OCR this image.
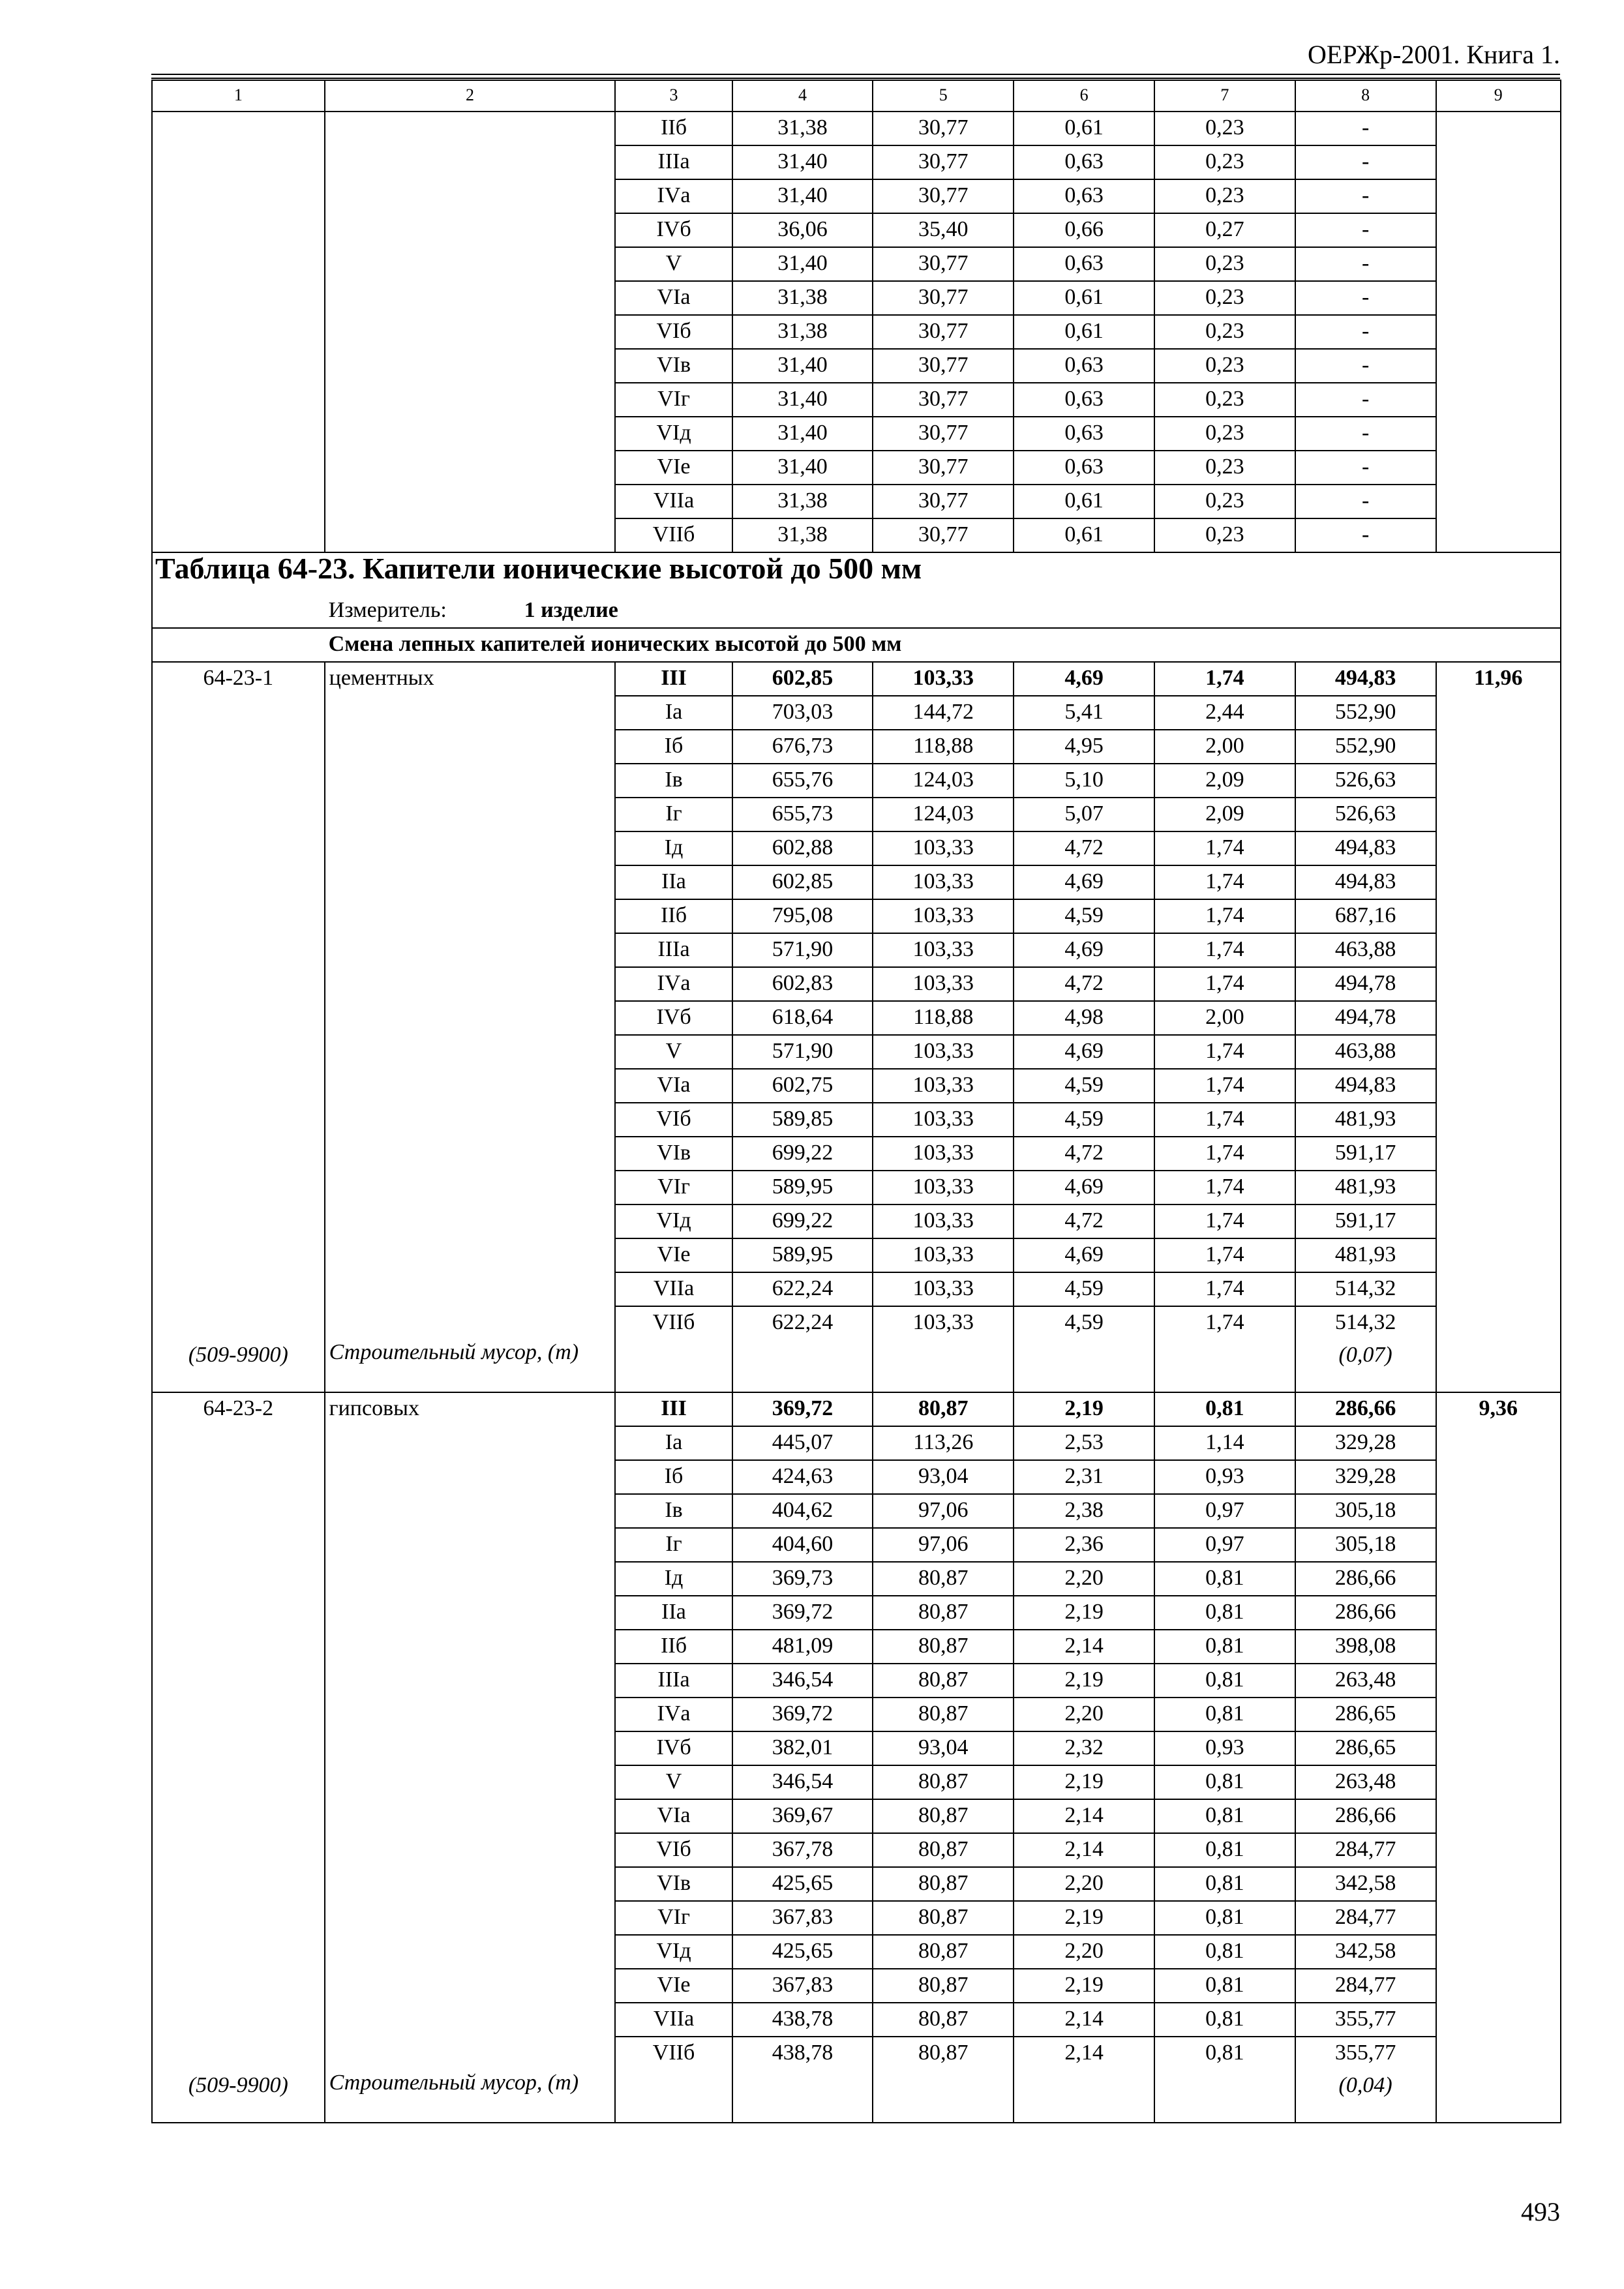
ОЕРЖр-2001. Книга 1.
1	2	3	4	5	6	7	8	9
		IIб	31,38	30,77	0,61	0,23	-	
		IIIа	31,40	30,77	0,63	0,23	-	
		IVа	31,40	30,77	0,63	0,23	-	
		IVб	36,06	35,40	0,66	0,27	-	
		V	31,40	30,77	0,63	0,23	-	
		VIа	31,38	30,77	0,61	0,23	-	
		VIб	31,38	30,77	0,61	0,23	-	
		VIв	31,40	30,77	0,63	0,23	-	
		VIг	31,40	30,77	0,63	0,23	-	
		VIд	31,40	30,77	0,63	0,23	-	
		VIе	31,40	30,77	0,63	0,23	-	
		VIIа	31,38	30,77	0,61	0,23	-	
		VIIб	31,38	30,77	0,61	0,23	-	
Таблица 64-23. Капители ионические высотой до 500 мм								
	Измеритель: 1 изделие							
	Смена лепных капителей ионических высотой до 500 мм							
64-23-1	цементных	III	602,85	103,33	4,69	1,74	494,83	11,96
		Iа	703,03	144,72	5,41	2,44	552,90	
		Iб	676,73	118,88	4,95	2,00	552,90	
		Iв	655,76	124,03	5,10	2,09	526,63	
		Iг	655,73	124,03	5,07	2,09	526,63	
		Iд	602,88	103,33	4,72	1,74	494,83	
		IIа	602,85	103,33	4,69	1,74	494,83	
		IIб	795,08	103,33	4,59	1,74	687,16	
		IIIа	571,90	103,33	4,69	1,74	463,88	
		IVа	602,83	103,33	4,72	1,74	494,78	
		IVб	618,64	118,88	4,98	2,00	494,78	
		V	571,90	103,33	4,69	1,74	463,88	
		VIа	602,75	103,33	4,59	1,74	494,83	
		VIб	589,85	103,33	4,59	1,74	481,93	
		VIв	699,22	103,33	4,72	1,74	591,17	
		VIг	589,95	103,33	4,69	1,74	481,93	
		VIд	699,22	103,33	4,72	1,74	591,17	
		VIе	589,95	103,33	4,69	1,74	481,93	
		VIIа	622,24	103,33	4,59	1,74	514,32	
		VIIб	622,24	103,33	4,59	1,74	514,32	
(509-9900)	Строительный мусор, (т)						(0,07)	
64-23-2	гипсовых	III	369,72	80,87	2,19	0,81	286,66	9,36
		Iа	445,07	113,26	2,53	1,14	329,28	
		Iб	424,63	93,04	2,31	0,93	329,28	
		Iв	404,62	97,06	2,38	0,97	305,18	
		Iг	404,60	97,06	2,36	0,97	305,18	
		Iд	369,73	80,87	2,20	0,81	286,66	
		IIа	369,72	80,87	2,19	0,81	286,66	
		IIб	481,09	80,87	2,14	0,81	398,08	
		IIIа	346,54	80,87	2,19	0,81	263,48	
		IVа	369,72	80,87	2,20	0,81	286,65	
		IVб	382,01	93,04	2,32	0,93	286,65	
		V	346,54	80,87	2,19	0,81	263,48	
		VIа	369,67	80,87	2,14	0,81	286,66	
		VIб	367,78	80,87	2,14	0,81	284,77	
		VIв	425,65	80,87	2,20	0,81	342,58	
		VIг	367,83	80,87	2,19	0,81	284,77	
		VIд	425,65	80,87	2,20	0,81	342,58	
		VIе	367,83	80,87	2,19	0,81	284,77	
		VIIа	438,78	80,87	2,14	0,81	355,77	
		VIIб	438,78	80,87	2,14	0,81	355,77	
(509-9900)	Строительный мусор, (т)						(0,04)	
493
